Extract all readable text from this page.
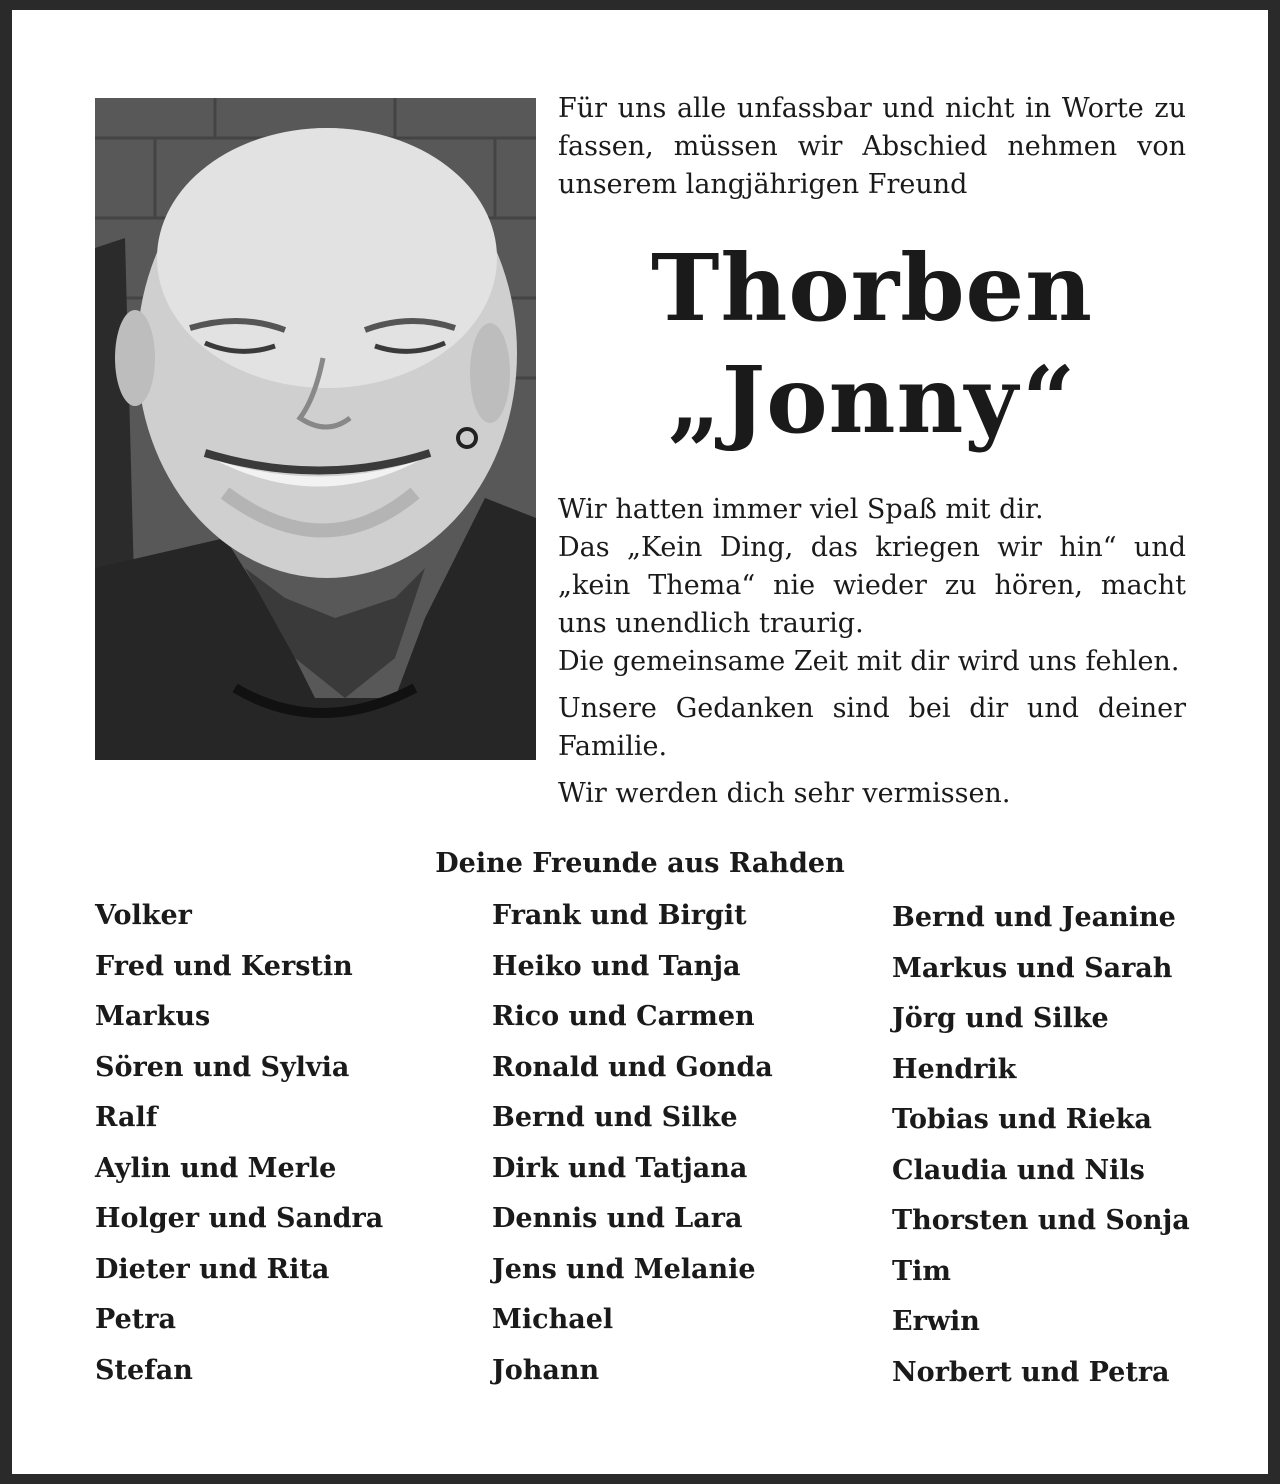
Für uns alle unfassbar und nicht in Worte zu fassen, müssen wir Abschied nehmen von unserem langjährigen Freund
Thorben
„Jonny“

Wir hatten immer viel Spaß mit dir.

Das „Kein Ding, das kriegen wir hin“ und „kein Thema“ nie wieder zu hören, macht uns unendlich traurig.

Die gemeinsame Zeit mit dir wird uns fehlen.

Unsere Gedanken sind bei dir und deiner Familie.

Wir werden dich sehr vermissen.

Deine Freunde aus Rahden
Volker
Fred und Kerstin
Markus
Sören und Sylvia
Ralf
Aylin und Merle
Holger und Sandra
Dieter und Rita
Petra
Stefan
Frank und Birgit
Heiko und Tanja
Rico und Carmen
Ronald und Gonda
Bernd und Silke
Dirk und Tatjana
Dennis und Lara
Jens und Melanie
Michael
Johann
Bernd und Jeanine
Markus und Sarah
Jörg und Silke
Hendrik
Tobias und Rieka
Claudia und Nils
Thorsten und Sonja
Tim
Erwin
Norbert und Petra
